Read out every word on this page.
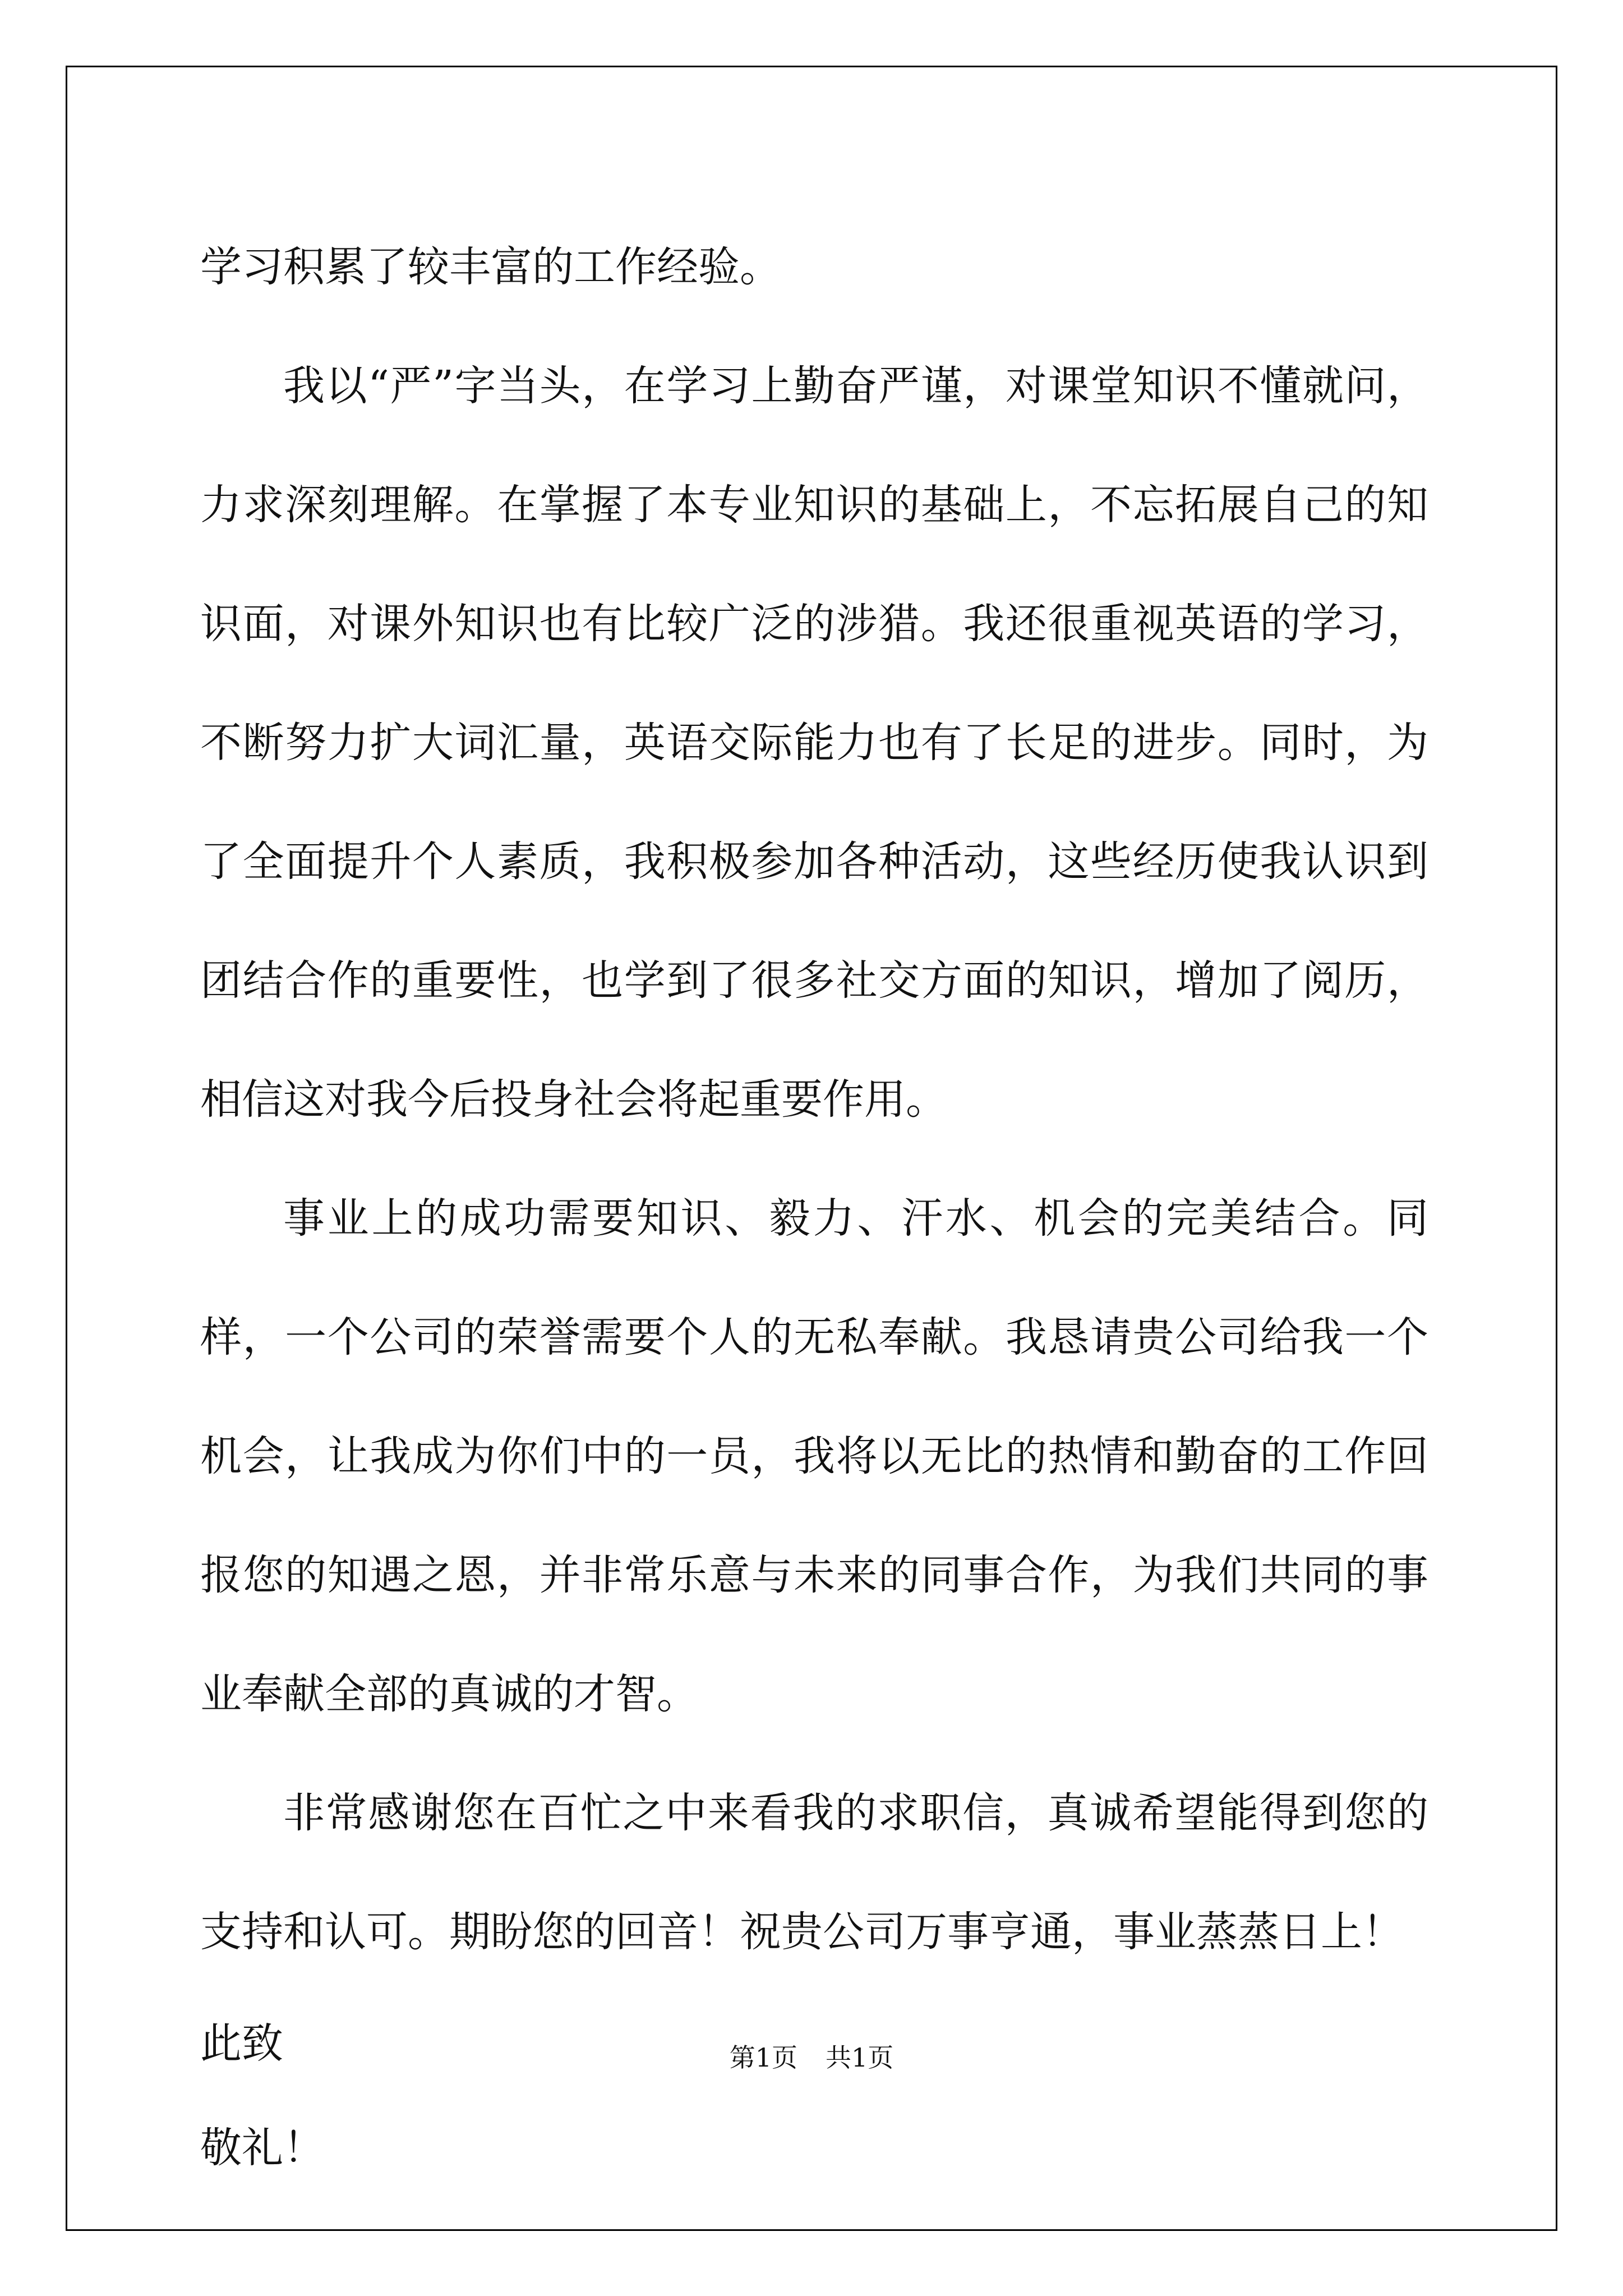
学习积累了较丰富的工作经验。

我以“严”字当头，在学习上勤奋严谨，对课堂知识不懂就问，力求深刻理解。在掌握了本专业知识的基础上，不忘拓展自己的知识面，对课外知识也有比较广泛的涉猎。我还很重视英语的学习，不断努力扩大词汇量，英语交际能力也有了长足的进步。同时，为了全面提升个人素质，我积极参加各种活动，这些经历使我认识到团结合作的重要性，也学到了很多社交方面的知识，增加了阅历，相信这对我今后投身社会将起重要作用。

事业上的成功需要知识、毅力、汗水、机会的完美结合。同样，一个公司的荣誉需要个人的无私奉献。我恳请贵公司给我一个机会，让我成为你们中的一员，我将以无比的热情和勤奋的工作回报您的知遇之恩，并非常乐意与未来的同事合作，为我们共同的事业奉献全部的真诚的才智。

非常感谢您在百忙之中来看我的求职信，真诚希望能得到您的支持和认可。期盼您的回音！祝贵公司万事亨通，事业蒸蒸日上！

此致
敬礼！
第1页 共1页
